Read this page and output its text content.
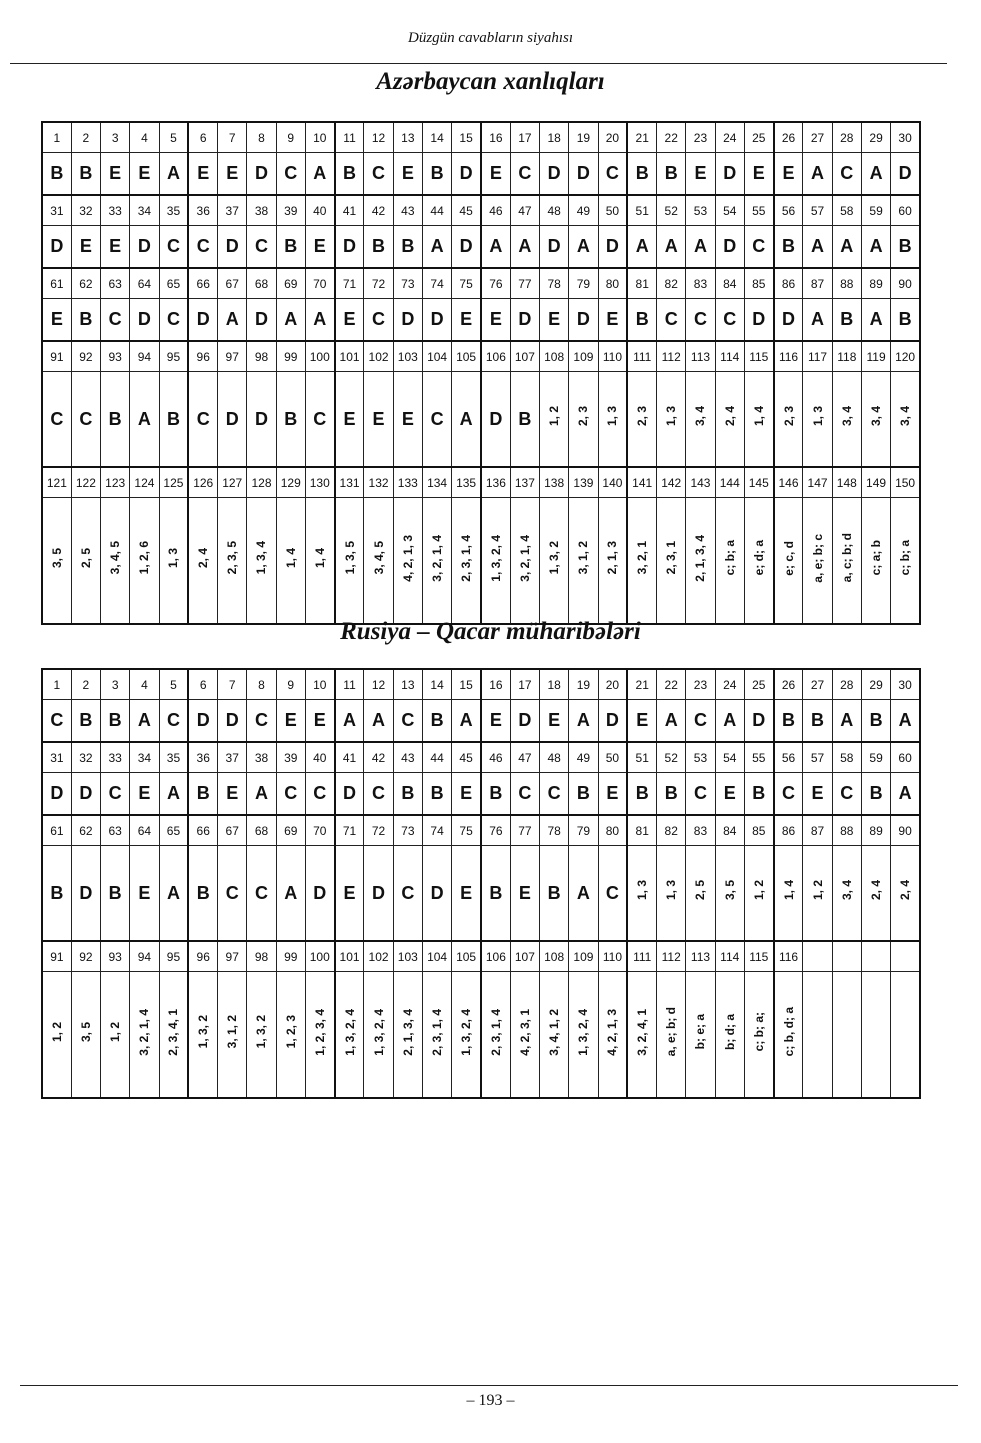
Düzgün cavabların siyahısı
Azərbaycan xanlıqları
1	2	3	4	5	6	7	8	9	10	11	12	13	14	15	16	17	18	19	20	21	22	23	24	25	26	27	28	29	30
B	B	E	E	A	E	E	D	C	A	B	C	E	B	D	E	C	D	D	C	B	B	E	D	E	E	A	C	A	D
31	32	33	34	35	36	37	38	39	40	41	42	43	44	45	46	47	48	49	50	51	52	53	54	55	56	57	58	59	60
D	E	E	D	C	C	D	C	B	E	D	B	B	A	D	A	A	D	A	D	A	A	A	D	C	B	A	A	A	B
61	62	63	64	65	66	67	68	69	70	71	72	73	74	75	76	77	78	79	80	81	82	83	84	85	86	87	88	89	90
E	B	C	D	C	D	A	D	A	A	E	C	D	D	E	E	D	E	D	E	B	C	C	C	D	D	A	B	A	B
91	92	93	94	95	96	97	98	99	100	101	102	103	104	105	106	107	108	109	110	111	112	113	114	115	116	117	118	119	120
C	C	B	A	B	C	D	D	B	C	E	E	E	C	A	D	B	1, 2	2, 3	1, 3	2, 3	1, 3	3, 4	2, 4	1, 4	2, 3	1, 3	3, 4	3, 4	3, 4
121	122	123	124	125	126	127	128	129	130	131	132	133	134	135	136	137	138	139	140	141	142	143	144	145	146	147	148	149	150
3, 5	2, 5	3, 4, 5	1, 2, 6	1, 3	2, 4	2, 3, 5	1, 3, 4	1, 4	1, 4	1, 3, 5	3, 4, 5	4, 2, 1, 3	3, 2, 1, 4	2, 3, 1, 4	1, 3, 2, 4	3, 2, 1, 4	1, 3, 2	3, 1, 2	2, 1, 3	3, 2, 1	2, 3, 1	2, 1, 3, 4	c; b; a	e; d; a	e; c, d	a, e; b; c	a, c; b; d	c; a; b	c; b; a
Rusiya – Qacar müharibələri
1	2	3	4	5	6	7	8	9	10	11	12	13	14	15	16	17	18	19	20	21	22	23	24	25	26	27	28	29	30
C	B	B	A	C	D	D	C	E	E	A	A	C	B	A	E	D	E	A	D	E	A	C	A	D	B	B	A	B	A
31	32	33	34	35	36	37	38	39	40	41	42	43	44	45	46	47	48	49	50	51	52	53	54	55	56	57	58	59	60
D	D	C	E	A	B	E	A	C	C	D	C	B	B	E	B	C	C	B	E	B	B	C	E	B	C	E	C	B	A
61	62	63	64	65	66	67	68	69	70	71	72	73	74	75	76	77	78	79	80	81	82	83	84	85	86	87	88	89	90
B	D	B	E	A	B	C	C	A	D	E	D	C	D	E	B	E	B	A	C	1, 3	1, 3	2, 5	3, 5	1, 2	1, 4	1, 2	3, 4	2, 4	2, 4
91	92	93	94	95	96	97	98	99	100	101	102	103	104	105	106	107	108	109	110	111	112	113	114	115	116				
1, 2	3, 5	1, 2	3, 2, 1, 4	2, 3, 4, 1	1, 3, 2	3, 1, 2	1, 3, 2	1, 2, 3	1, 2, 3, 4	1, 3, 2, 4	1, 3, 2, 4	2, 1, 3, 4	2, 3, 1, 4	1, 3, 2, 4	2, 3, 1, 4	4, 2, 3, 1	3, 4, 1, 2	1, 3, 2, 4	4, 2, 1, 3	3, 2, 4, 1	a, e; b; d	b; e; a	b; d; a	c; b; a;	c; b, d; a				
– 193 –
